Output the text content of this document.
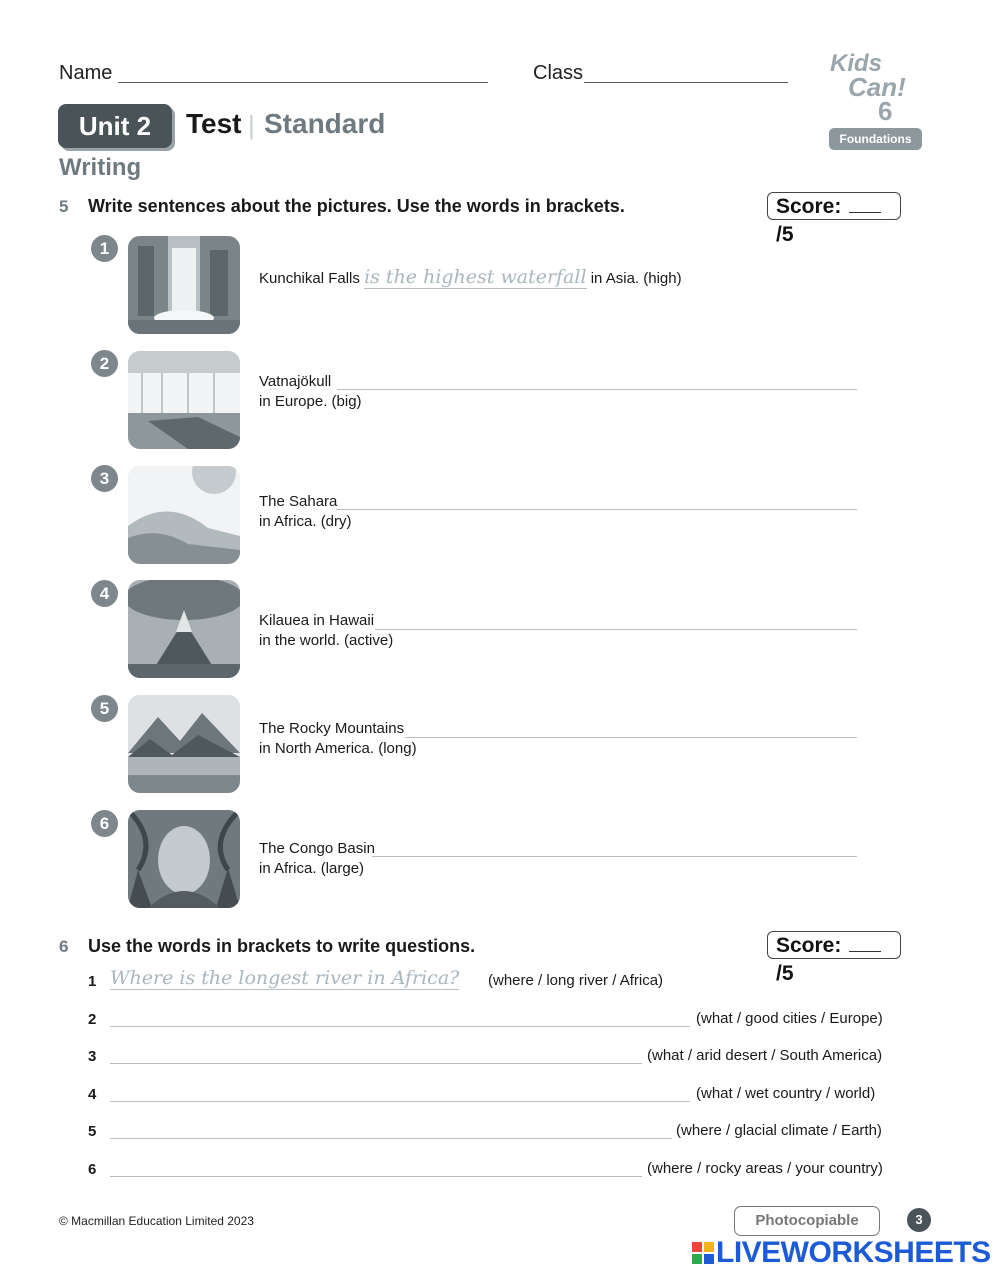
Name	Class	Kids
Can!
6
Foundations
Unit 2	Test | Standard
Writing
5 Write sentences about the pictures. Use the words in brackets.	Score:  /5
1
Kunchikal Falls is the highest waterfall in Asia. (high)
2
Vatnajökull
in Europe. (big)
3
The Sahara
in Africa. (dry)
4
Kilauea in Hawaii
in the world. (active)
5
The Rocky Mountains
in North America. (long)
6
The Congo Basin
in Africa. (large)
6 Use the words in brackets to write questions.	Score:  /5
1 Where is the longest river in Africa? (where / long river / Africa)
2	(what / good cities / Europe)
3	(what / arid desert / South America)
4	(what / wet country / world)
5	(where / glacial climate / Earth)
6	(where / rocky areas / your country)
© Macmillan Education Limited 2023	Photocopiable	3
LIVEWORKSHEETS
